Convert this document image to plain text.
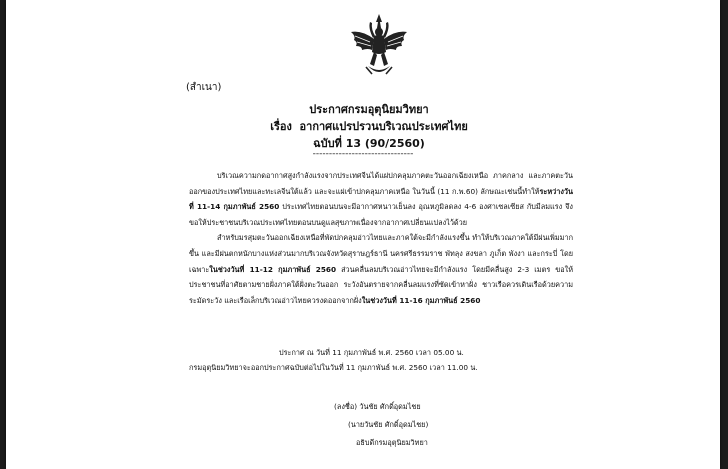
(สำเนา)
ประกาศกรมอุตุนิยมวิทยา
เรื่อง อากาศแปรปรวนบริเวณประเทศไทย
ฉบับที่ 13 (90/2560)
-------------------------------

บริเวณความกดอากาศสูงกำลังแรงจากประเทศจีนได้แผ่ปกคลุมภาคตะวันออกเฉียงเหนือ ภาคกลาง และภาคตะวันออกของประเทศไทยและทะเลจีนใต้แล้ว และจะแผ่เข้าปกคลุมภาคเหนือ ในวันนี้ (11 ก.พ.60) ลักษณะเช่นนี้ทำให้ระหว่างวันที่ 11-14 กุมภาพันธ์ 2560 ประเทศไทยตอนบนจะมีอากาศหนาวเย็นลง อุณหภูมิลดลง 4-6 องศาเซลเซียส กับมีลมแรง จึงขอให้ประชาชนบริเวณประเทศไทยตอนบนดูแลสุขภาพเนื่องจากอากาศเปลี่ยนแปลงไว้ด้วย

สำหรับมรสุมตะวันออกเฉียงเหนือที่พัดปกคลุมอ่าวไทยและภาคใต้จะมีกำลังแรงขึ้น ทำให้บริเวณภาคใต้มีฝนเพิ่มมากขึ้น และมีฝนตกหนักบางแห่งส่วนมากบริเวณจังหวัดสุราษฎร์ธานี นครศรีธรรมราช พัทลุง สงขลา ภูเก็ต พังงา และกระบี่ โดยเฉพาะในช่วงวันที่ 11-12 กุมภาพันธ์ 2560 ส่วนคลื่นลมบริเวณอ่าวไทยจะมีกำลังแรง โดยมีคลื่นสูง 2-3 เมตร ขอให้ประชาชนที่อาศัยตามชายฝั่งภาคใต้ฝั่งตะวันออก ระวังอันตรายจากคลื่นลมแรงที่ซัดเข้าหาฝั่ง ชาวเรือควรเดินเรือด้วยความระมัดระวัง และเรือเล็กบริเวณอ่าวไทยควรงดออกจากฝั่งในช่วงวันที่ 11-16 กุมภาพันธ์ 2560

ประกาศ ณ วันที่ 11 กุมภาพันธ์ พ.ศ. 2560 เวลา 05.00 น.
กรมอุตุนิยมวิทยาจะออกประกาศฉบับต่อไปในวันที่ 11 กุมภาพันธ์ พ.ศ. 2560 เวลา 11.00 น.
(ลงชื่อ) วันชัย ศักดิ์อุดมไชย
(นายวันชัย ศักดิ์อุดมไชย)
อธิบดีกรมอุตุนิยมวิทยา
